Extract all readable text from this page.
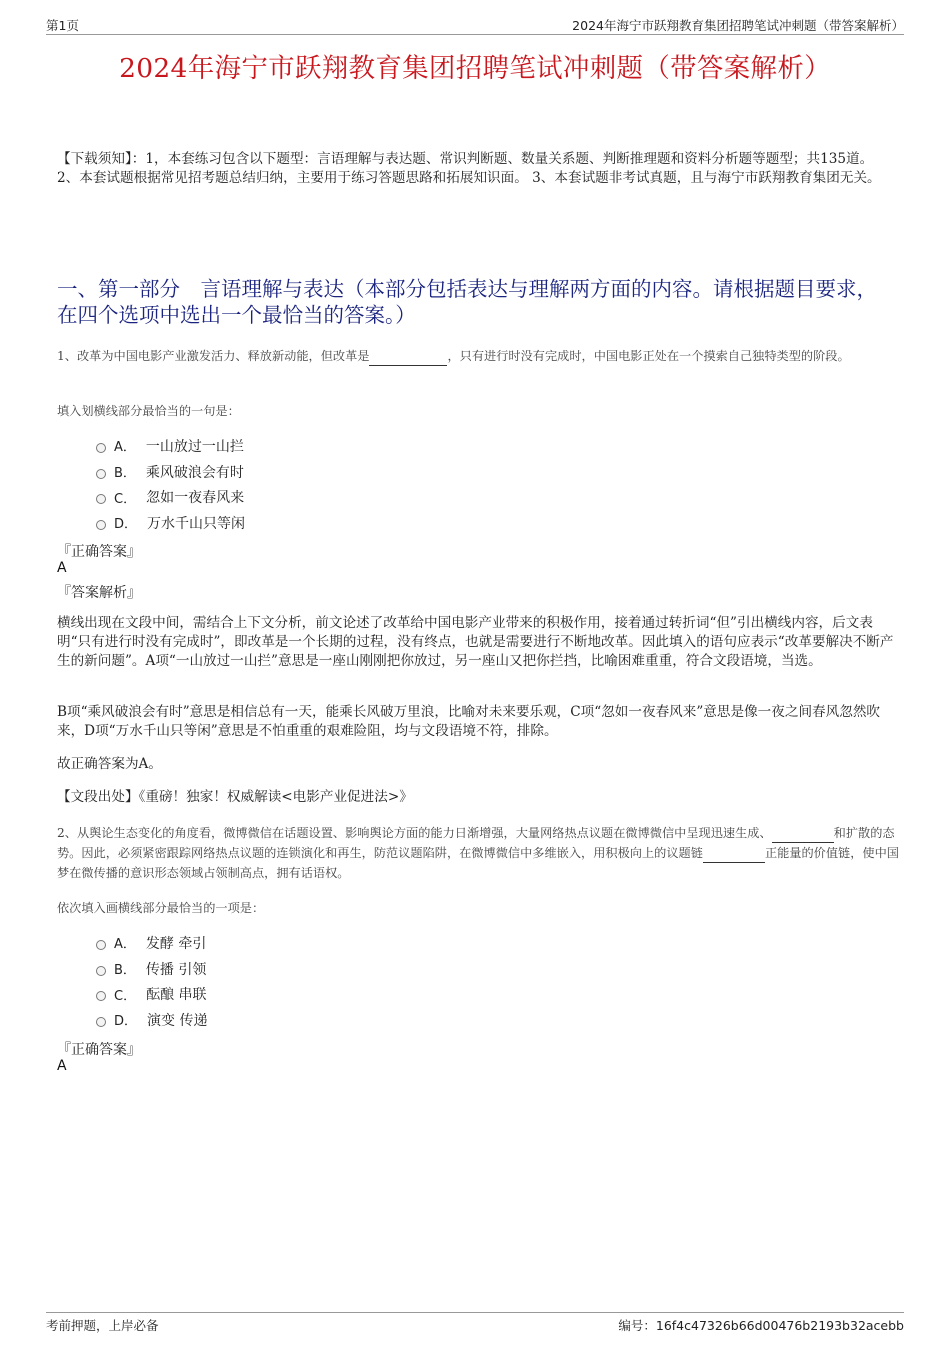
第1页	2024年海宁市跃翔教育集团招聘笔试冲刺题（带答案解析）
2024年海宁市跃翔教育集团招聘笔试冲刺题（带答案解析）
【下载须知】：1，本套练习包含以下题型：言语理解与表达题、常识判断题、数量关系题、判断推理题和资料分析题等题型；共135道。 2、本套试题根据常见招考题总结归纳，主要用于练习答题思路和拓展知识面。 3、本套试题非考试真题，且与海宁市跃翔教育集团无关。
一、第一部分　言语理解与表达（本部分包括表达与理解两方面的内容。请根据题目要求，在四个选项中选出一个最恰当的答案。）
1、改革为中国电影产业激发活力、释放新动能，但改革是	，只有进行时没有完成时，中国电影正处在一个摸索自己独特类型的阶段。
填入划横线部分最恰当的一句是：
A． 一山放过一山拦
B． 乘风破浪会有时
C． 忽如一夜春风来
D． 万水千山只等闲
『正确答案』
A
『答案解析』
横线出现在文段中间，需结合上下文分析，前文论述了改革给中国电影产业带来的积极作用，接着通过转折词“但”引出横线内容，后文表明“只有进行时没有完成时”，即改革是一个长期的过程，没有终点，也就是需要进行不断地改革。因此填入的语句应表示“改革要解决不断产生的新问题”。A项“一山放过一山拦”意思是一座山刚刚把你放过，另一座山又把你拦挡，比喻困难重重，符合文段语境，当选。
B项“乘风破浪会有时”意思是相信总有一天，能乘长风破万里浪，比喻对未来要乐观，C项“忽如一夜春风来”意思是像一夜之间春风忽然吹来，D项“万水千山只等闲”意思是不怕重重的艰难险阻，均与文段语境不符，排除。
故正确答案为A。
【文段出处】《重磅！独家！权威解读<电影产业促进法>》
2、从舆论生态变化的角度看，微博微信在话题设置、影响舆论方面的能力日渐增强，大量网络热点议题在微博微信中呈现迅速生成、	和扩散的态势。因此，必须紧密跟踪网络热点议题的连锁演化和再生，防范议题陷阱，在微博微信中多维嵌入，用积极向上的议题链	正能量的价值链，使中国梦在微传播的意识形态领域占领制高点，拥有话语权。
依次填入画横线部分最恰当的一项是：
A． 发酵 牵引
B． 传播 引领
C． 酝酿 串联
D． 演变 传递
『正确答案』
A
考前押题，上岸必备	编号：16f4c47326b66d00476b2193b32acebb
